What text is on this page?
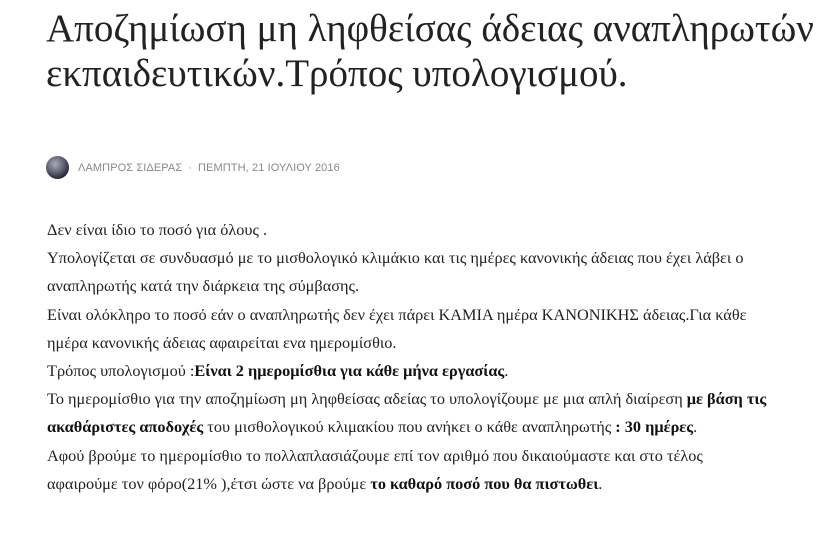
Αποζημίωση μη ληφθείσας άδειας αναπληρωτών εκπαιδευτικών.Τρόπος υπολογισμού.
ΛΑΜΠΡΟΣ ΣΙΔΕΡΑΣ · ΠΕΜΠΤΗ, 21 ΙΟΥΛΙΟΥ 2016

Δεν είναι ίδιο το ποσό για όλους .

Υπολογίζεται σε συνδυασμό με το μισθολογικό κλιμάκιο και τις ημέρες κανονικής άδειας που έχει λάβει ο αναπληρωτής κατά την διάρκεια της σύμβασης.

Είναι ολόκληρο το ποσό εάν ο αναπληρωτής δεν έχει πάρει ΚΑΜΙΑ ημέρα ΚΑΝΟΝΙΚΗΣ άδειας.Για κάθε ημέρα κανονικής άδειας αφαιρείται ενα ημερομίσθιο.

Τρόπος υπολογισμού :Είναι 2 ημερομίσθια για κάθε μήνα εργασίας.

Το ημερομίσθιο για την αποζημίωση μη ληφθείσας αδείας το υπολογίζουμε με μια απλή διαίρεση με βάση τις ακαθάριστες αποδοχές του μισθολογικού κλιμακίου που ανήκει ο κάθε αναπληρωτής : 30 ημέρες.

Αφού βρούμε το ημερομίσθιο το πολλαπλασιάζουμε επί τον αριθμό που δικαιούμαστε και στο τέλος αφαιρούμε τον φόρο(21% ),έτσι ώστε να βρούμε το καθαρό ποσό που θα πιστωθει.
